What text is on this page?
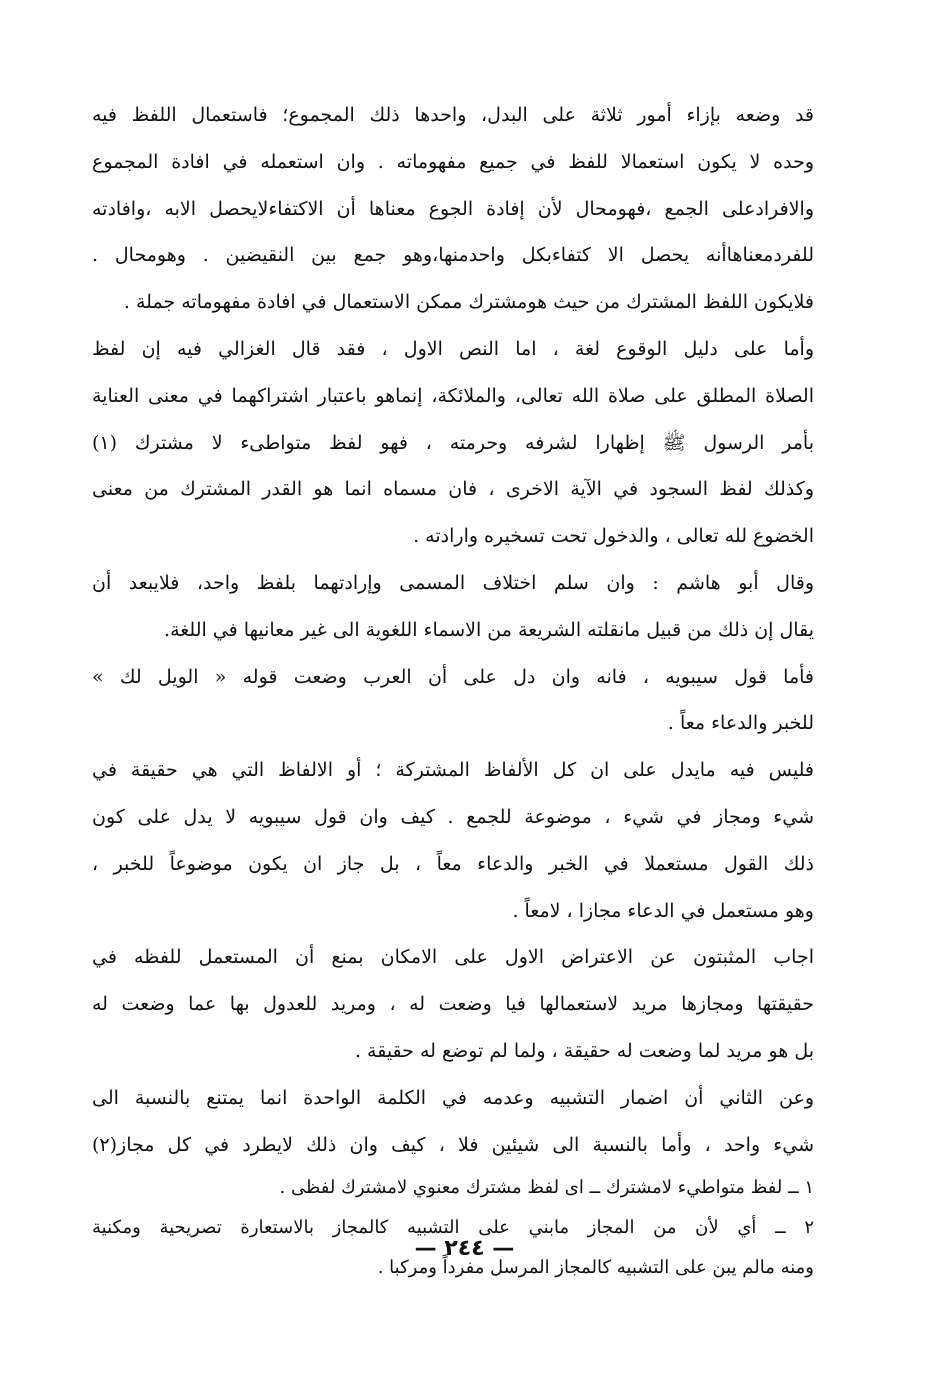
قد وضعه بإزاء أمور ثلاثة على البدل، واحدها ذلك المجموع؛ فاستعمال اللفظ فيه
وحده لا يكون استعمالا للفظ في جميع مفهوماته . وان استعمله في افادة المجموع
والافرادعلى الجمع ،فهومحال لأن إفادة الجوع معناها أن الاكتفاءلايحصل الابه ،وافادته
للفردمعناهاأنه يحصل الا كتفاءبكل واحدمنها،وهو جمع بين النقيضين . وهومحال .
فلايكون اللفظ المشترك من حيث هومشترك ممكن الاستعمال في افادة مفهوماته جملة .
وأما على دليل الوقوع لغة ، اما النص الاول ، فقد قال الغزالي فيه إن لفظ
الصلاة المطلق على صلاة الله تعالى، والملائكة، إنماهو باعتبار اشتراكهما في معنى العناية
بأمر الرسول ﷺ إظهارا لشرفه وحرمته ، فهو لفظ متواطىء لا مشترك (١)
وكذلك لفظ السجود في الآية الاخرى ، فان مسماه انما هو القدر المشترك من معنى
الخضوع لله تعالى ، والدخول تحت تسخيره وارادته .
وقال أبو هاشم : وان سلم اختلاف المسمى وإرادتهما بلفظ واحد، فلايبعد أن
يقال إن ذلك من قبيل مانقلته الشريعة من الاسماء اللغوية الى غير معانيها في اللغة.
فأما قول سيبويه ، فانه وان دل على أن العرب وضعت قوله « الويل لك »
للخبر والدعاء معاً .
فليس فيه مايدل على ان كل الألفاظ المشتركة ؛ أو الالفاظ التي هي حقيقة في
شيء ومجاز في شيء ، موضوعة للجمع . كيف وان قول سيبويه لا يدل على كون
ذلك القول مستعملا في الخبر والدعاء معاً ، بل جاز ان يكون موضوعاً للخبر ،
وهو مستعمل في الدعاء مجازا ، لامعاً .
اجاب المثبتون عن الاعتراض الاول على الامكان بمنع أن المستعمل للفظه في
حقيقتها ومجازها مريد لاستعمالها فيا وضعت له ، ومريد للعدول بها عما وضعت له
بل هو مريد لما وضعت له حقيقة ، ولما لم توضع له حقيقة .
وعن الثاني أن اضمار التشبيه وعدمه في الكلمة الواحدة انما يمتنع بالنسبة الى
شيء واحد ، وأما بالنسبة الى شيئين فلا ، كيف وان ذلك لايطرد في كل مجاز(٢)
١ ــ لفظ متواطيء لامشترك ــ اى لفظ مشترك معنوي لامشترك لفظى .
٢ ــ أي لأن من المجاز مابني على التشبيه كالمجاز بالاستعارة تصريحية ومكنية
ومنه مالم يبن على التشبيه كالمجاز المرسل مفرداً ومركبا .
— ٢٤٤ —
